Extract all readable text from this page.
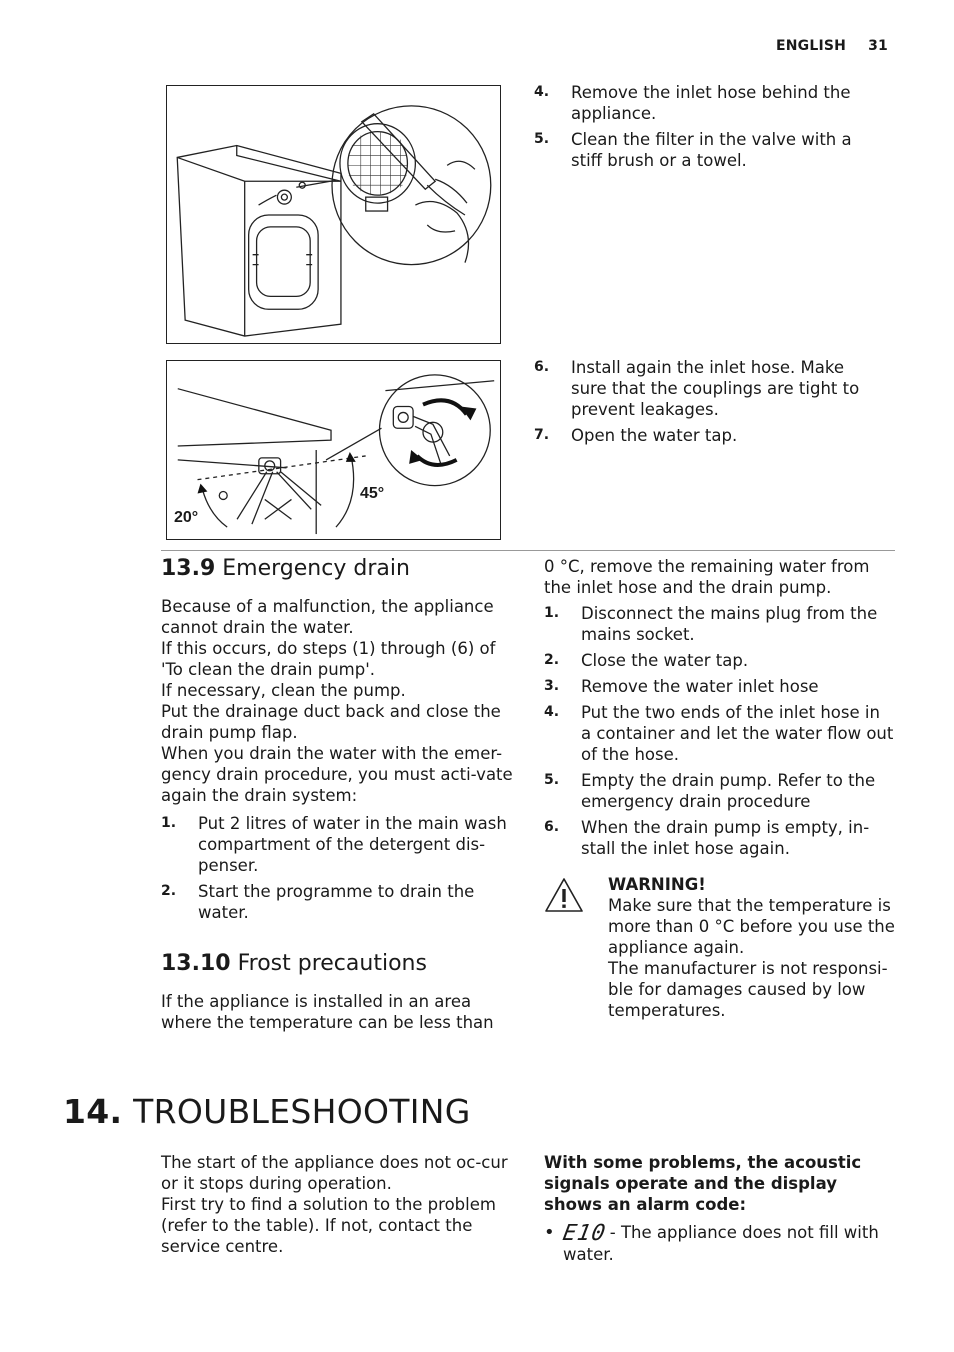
ENGLISH 31
20°
45°
4. Remove the inlet hose behind the appliance.
5. Clean the filter in the valve with a stiff brush or a towel.
6. Install again the inlet hose. Make sure that the couplings are tight to prevent leakages.
7. Open the water tap.
13.9 Emergency drain

Because of a malfunction, the appliance cannot drain the water.

If this occurs, do steps (1) through (6) of 'To clean the drain pump'.

If necessary, clean the pump.

Put the drainage duct back and close the drain pump flap.

When you drain the water with the emer-gency drain procedure, you must acti-vate again the drain system:

1. Put 2 litres of water in the main wash compartment of the detergent dis-penser.
2. Start the programme to drain the water.
13.10 Frost precautions

If the appliance is installed in an area where the temperature can be less than

0 °C, remove the remaining water from the inlet hose and the drain pump.

1. Disconnect the mains plug from the mains socket.
2. Close the water tap.
3. Remove the water inlet hose
4. Put the two ends of the inlet hose in a container and let the water flow out of the hose.
5. Empty the drain pump. Refer to the emergency drain procedure
6. When the drain pump is empty, in-stall the inlet hose again.

WARNING!

Make sure that the temperature is more than 0 °C before you use the appliance again.

The manufacturer is not responsi-ble for damages caused by low temperatures.

14. TROUBLESHOOTING

The start of the appliance does not oc-cur or it stops during operation.

First try to find a solution to the problem (refer to the table). If not, contact the service centre.

With some problems, the acoustic signals operate and the display shows an alarm code:

• E10 - The appliance does not fill with water.
